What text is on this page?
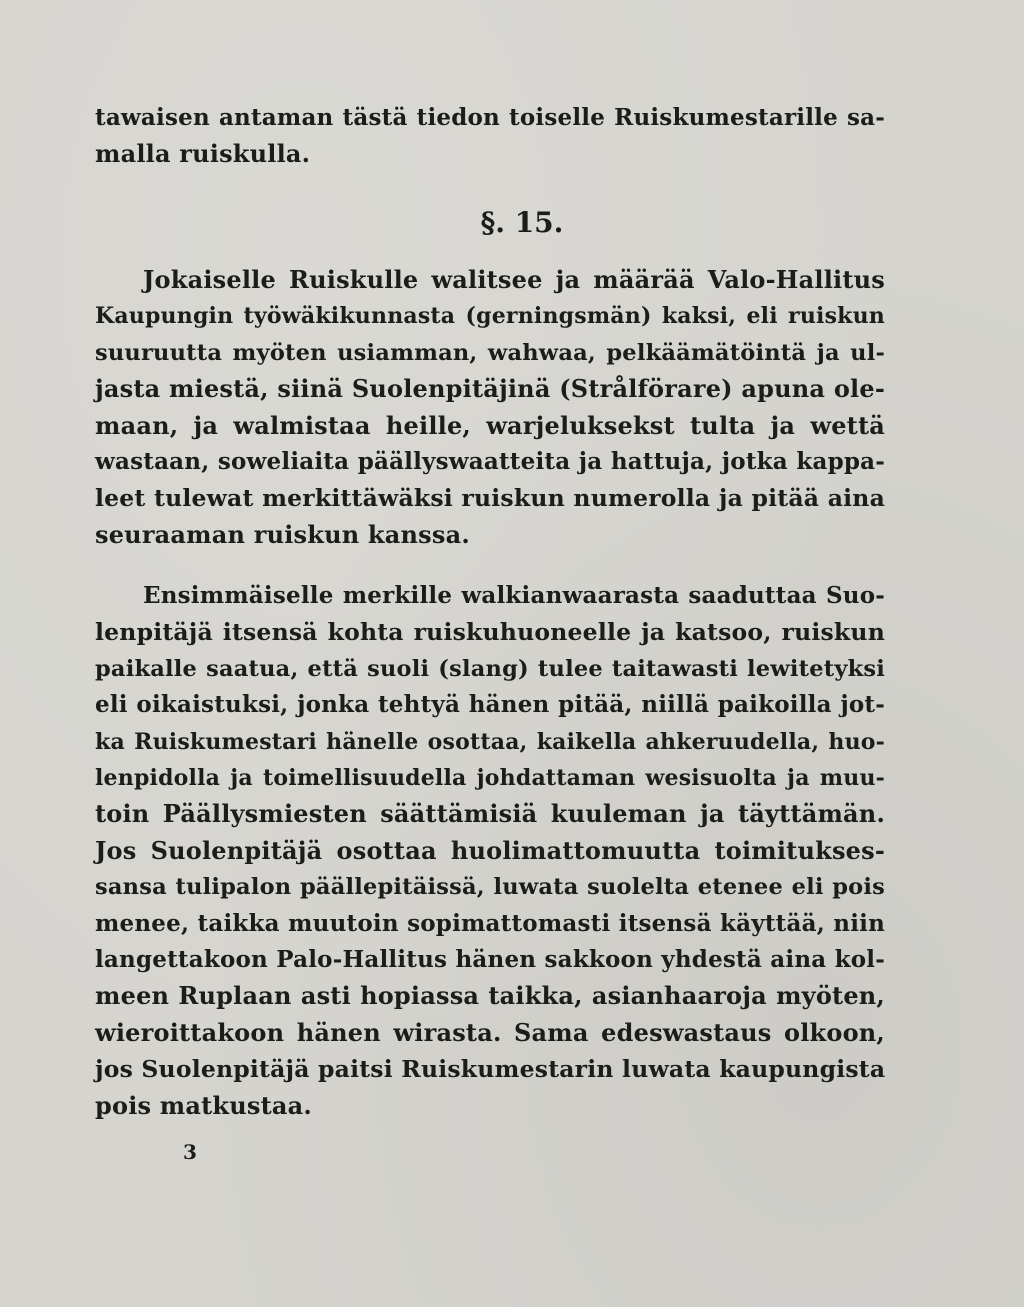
tawaisen antaman tästä tiedon toiselle Ruiskumestarille sa-
malla ruiskulla.
§. 15.
Jokaiselle Ruiskulle walitsee ja määrää Valo-Hallitus
Kaupungin työwäkikunnasta (gerningsmän) kaksi, eli ruiskun
suuruutta myöten usiamman, wahwaa, pelkäämätöintä ja ul-
jasta miestä, siinä Suolenpitäjinä (Strålförare) apuna ole-
maan, ja walmistaa heille, warjeluksekst tulta ja wettä
wastaan, soweliaita päällyswaatteita ja hattuja, jotka kappa-
leet tulewat merkittäwäksi ruiskun numerolla ja pitää aina
seuraaman ruiskun kanssa.
Ensimmäiselle merkille walkianwaarasta saaduttaa Suo-
lenpitäjä itsensä kohta ruiskuhuoneelle ja katsoo, ruiskun
paikalle saatua, että suoli (slang) tulee taitawasti lewitetyksi
eli oikaistuksi, jonka tehtyä hänen pitää, niillä paikoilla jot-
ka Ruiskumestari hänelle osottaa, kaikella ahkeruudella, huo-
lenpidolla ja toimellisuudella johdattaman wesisuolta ja muu-
toin Päällysmiesten säättämisiä kuuleman ja täyttämän.
Jos Suolenpitäjä osottaa huolimattomuutta toimitukses-
sansa tulipalon päällepitäissä, luwata suolelta etenee eli pois
menee, taikka muutoin sopimattomasti itsensä käyttää, niin
langettakoon Palo-Hallitus hänen sakkoon yhdestä aina kol-
meen Ruplaan asti hopiassa taikka, asianhaaroja myöten,
wieroittakoon hänen wirasta. Sama edeswastaus olkoon,
jos Suolenpitäjä paitsi Ruiskumestarin luwata kaupungista
pois matkustaa.
3
